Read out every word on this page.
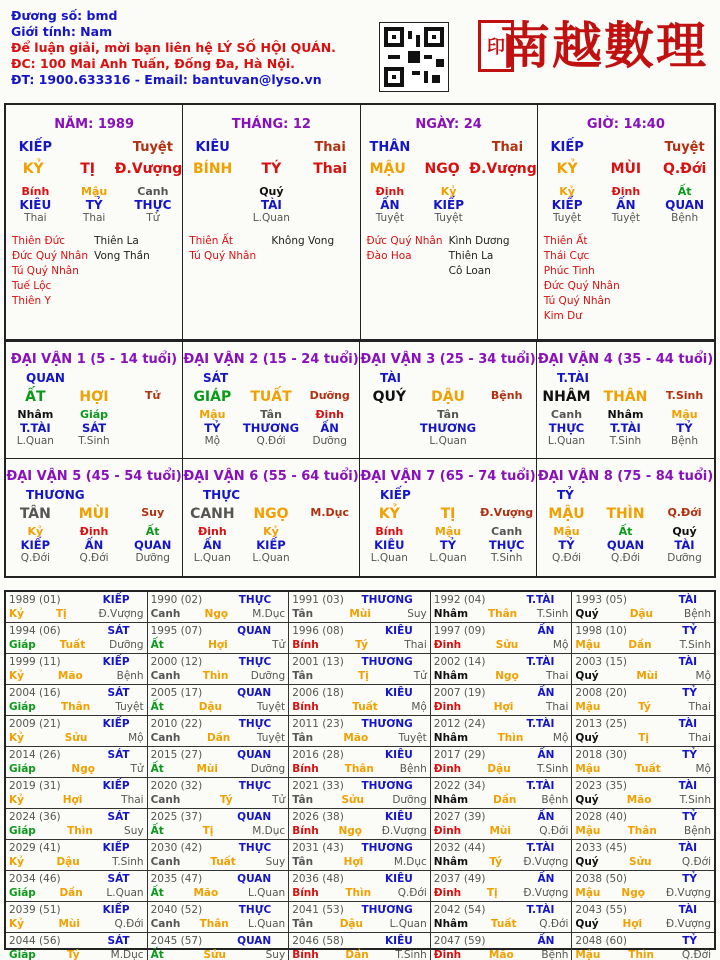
Đương số: bmd
Giới tính: Nam
Để luận giải, mời bạn liên hệ LÝ SỐ HỘI QUÁN.
ĐC: 100 Mai Anh Tuấn, Đống Đa, Hà Nội.
ĐT: 1900.633316 - Email: bantuvan@lyso.vn
印
南越數理
NĂM: 1989
KIẾP	Tuyệt
KỶ	TỊ	Đ.Vượng
Bính	Mậu	Canh
KIÊU	TỶ	THỰC
Thai	Thai	Tử
Thiên Đức
Đức Quý Nhân
Tú Quý Nhân
Tuế Lộc
Thiên Y
Thiên La
Vong Thần
THÁNG: 12
KIÊU	Thai
BÍNH	TÝ	Thai
Quý
TÀI
L.Quan
Thiên Ất
Tú Quý Nhân
Không Vong
NGÀY: 24
THÂN	Thai
MẬU	NGỌ Đ.Vượng
Đinh	Kỷ
ẤN	KIẾP
Tuyệt	Tuyệt
Đức Quý Nhân
Đào Hoa
Kình Dương
Thiên La
Cô Loan
GIỜ: 14:40
KIẾP	Tuyệt
KỶ	MÙI	Q.Đới
Kỷ	Đinh	Ất
KIẾP	ẤN	QUAN
Tuyệt	Tuyệt	Bệnh
Thiên Ất
Thái Cực
Phúc Tinh
Đức Quý Nhân
Tú Quý Nhân
Kim Dư
ĐẠI VẬN 1 (5 - 14 tuổi)
QUAN
ẤT	HỢI	Tử
Nhâm	Giáp
T.TÀI	SÁT
L.Quan	T.Sinh
ĐẠI VẬN 2 (15 - 24 tuổi)
SÁT
GIÁP	TUẤT	Dưỡng
Mậu	Tân	Đinh
TỶ	THƯƠNG	ẤN
Mộ	Q.Đới	Dưỡng
ĐẠI VẬN 3 (25 - 34 tuổi)
TÀI
QUÝ	DẬU	Bệnh
Tân
THƯƠNG
L.Quan
ĐẠI VẬN 4 (35 - 44 tuổi)
T.TÀI
NHÂM THÂN	T.Sinh
Canh	Nhâm	Mậu
THỰC	T.TÀI	TỶ
L.Quan	T.Sinh	Bệnh
ĐẠI VẬN 5 (45 - 54 tuổi)
THƯƠNG
TÂN	MÙI	Suy
Kỷ	Đinh	Ất
KIẾP	ẤN	QUAN
Q.Đới	Q.Đới	Dưỡng
ĐẠI VẬN 6 (55 - 64 tuổi)
THỰC
CANH	NGỌ	M.Dục
Đinh	Kỷ
ẤN	KIẾP
L.Quan	L.Quan
ĐẠI VẬN 7 (65 - 74 tuổi)
KIẾP
KỶ	TỊ	Đ.Vượng
Bính	Mậu	Canh
KIÊU	TỶ	THỰC
L.Quan	L.Quan	T.Sinh
ĐẠI VẬN 8 (75 - 84 tuổi)
TỶ
MẬU	THÌN	Q.Đới
Mậu	Ất	Quý
TỶ	QUAN	TÀI
Q.Đới	Q.Đới	Dưỡng
1989 (01)	KIẾP
Kỷ	Tị	Đ.Vượng
1990 (02)	THỰC
Canh Ngọ M.Dục
1991 (03) THƯƠNG
Tân	Mùi	Suy
1992 (04)	T.TÀI
Nhâm Thân T.Sinh
1993 (05)	TÀI
Quý	Dậu	Bệnh
1994 (06)	SÁT
Giáp Tuất Dưỡng
1995 (07)	QUAN
Ất	Hợi	Tử
1996 (08)	KIÊU
Bính	Tý	Thai
1997 (09)	ẤN
Đinh	Sửu	Mộ
1998 (10)	TỶ
Mậu	Dần	T.Sinh
1999 (11)	KIẾP
Kỷ	Mão	Bệnh
2000 (12)	THỰC
Canh Thìn Dưỡng
2001 (13) THƯƠNG
Tân	Tị	Tử
2002 (14)	T.TÀI
Nhâm	Ngọ	Thai
2003 (15)	TÀI
Quý	Mùi	Mộ
2004 (16)	SÁT
Giáp Thân Tuyệt
2005 (17)	QUAN
Ất	Dậu	Tuyệt
2006 (18)	KIÊU
Bính	Tuất	Mộ
2007 (19)	ẤN
Đinh	Hợi	Thai
2008 (20)	TỶ
Mậu	Tý	Thai
2009 (21)	KIẾP
Kỷ	Sửu	Mộ
2010 (22)	THỰC
Canh	Dần	Tuyệt
2011 (23) THƯƠNG
Tân	Mão	Tuyệt
2012 (24)	T.TÀI
Nhâm	Thìn	Mộ
2013 (25)	TÀI
Quý	Tị	Thai
2014 (26)	SÁT
Giáp	Ngọ	Tử
2015 (27)	QUAN
Ất	Mùi	Dưỡng
2016 (28)	KIÊU
Bính Thân Bệnh
2017 (29)	ẤN
Đinh	Dậu	T.Sinh
2018 (30)	TỶ
Mậu	Tuất	Mộ
2019 (31)	KIẾP
Kỷ	Hợi	Thai
2020 (32)	THỰC
Canh	Tý	Tử
2021 (33) THƯƠNG
Tân	Sửu	Dưỡng
2022 (34)	T.TÀI
Nhâm Dần Bệnh
2023 (35)	TÀI
Quý	Mão	T.Sinh
2024 (36)	SÁT
Giáp	Thìn	Suy
2025 (37)	QUAN
Ất	Tị	M.Dục
2026 (38)	KIÊU
Bính Ngọ Đ.Vượng
2027 (39)	ẤN
Đinh	Mùi	Q.Đới
2028 (40)	TỶ
Mậu	Thân	Bệnh
2029 (41)	KIẾP
Kỷ	Dậu	T.Sinh
2030 (42)	THỰC
Canh	Tuất	Suy
2031 (43) THƯƠNG
Tân	Hợi	M.Dục
2032 (44)	T.TÀI
Nhâm Tý Đ.Vượng
2033 (45)	TÀI
Quý	Sửu	Q.Đới
2034 (46)	SÁT
Giáp Dần L.Quan
2035 (47)	QUAN
Ất	Mão	L.Quan
2036 (48)	KIÊU
Bính	Thìn	Q.Đới
2037 (49)	ẤN
Đinh Tị Đ.Vượng
2038 (50)	TỶ
Mậu Ngọ Đ.Vượng
2039 (51)	KIẾP
Kỷ	Mùi	Q.Đới
2040 (52)	THỰC
Canh Thân L.Quan
2041 (53) THƯƠNG
Tân	Dậu	L.Quan
2042 (54)	T.TÀI
Nhâm Tuất Q.Đới
2043 (55)	TÀI
Quý Hợi Đ.Vượng
2044 (56)	SÁT
Giáp	Tý	M.Dục
2045 (57)	QUAN
Ất	Sửu	Suy
2046 (58)	KIÊU
Bính	Dần	T.Sinh
2047 (59)	ẤN
Đinh	Mão	Bệnh
2048 (60)	TỶ
Mậu	Thìn	Q.Đới
